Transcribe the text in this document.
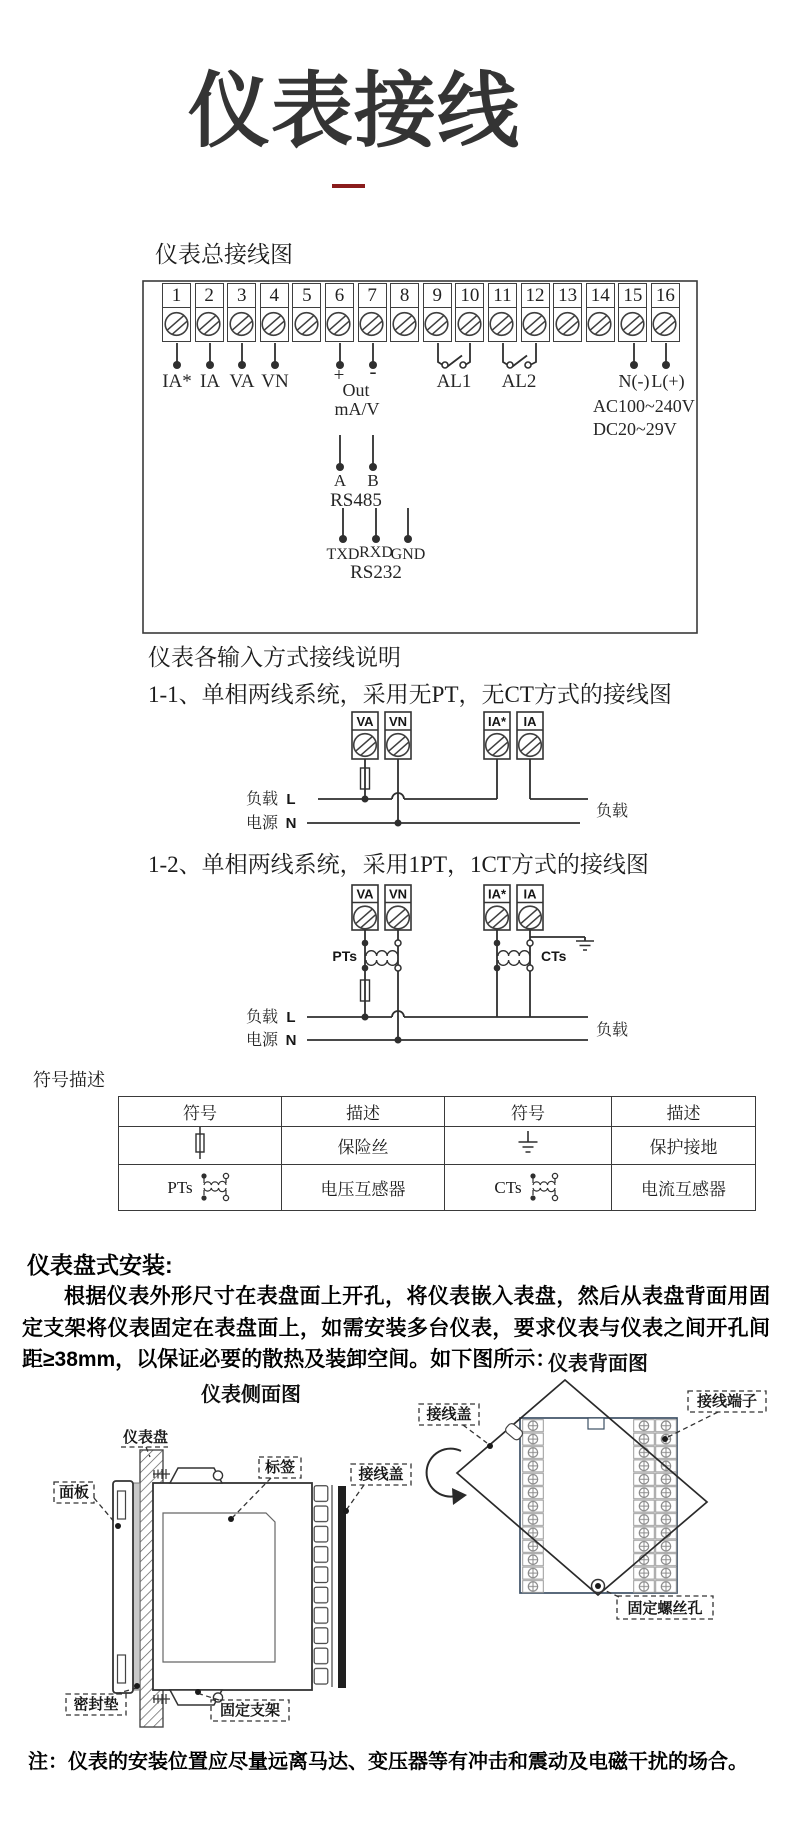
仪表接线
仪表总接线图
IA* IA VA VN + -
Out
mA/V
AL1 AL2	N(-) L(+)
AC100~240V
DC20~29V
A B
RS485
TXD RXD
GND
RS232
1	2	3	4	5	6	7	8	9 10 11 12 13 14 15 16
仪表各输入方式接线说明
1-1、单相两线系统，采用无PT，无CT方式的接线图
VA VN	IA* IA
负载 L
电源 N
负载
1-2、单相两线系统，采用1PT，1CT方式的接线图
VA VN	IA* IA
PTs	CTs
负载 L
电源 N
负载
符号描述
符号	描述	符号	描述
	保险丝		保护接地

PTs	电压互感器	CTs	电流互感器
仪表盘式安装:
根据仪表外形尺寸在表盘面上开孔，将仪表嵌入表盘，然后从表盘背面用固定支架将仪表固定在表盘面上，如需安装多台仪表，要求仪表与仪表之间开孔间距≥38mm，以保证必要的散热及装卸空间。如下图所示：
仪表侧面图
仪表盘
面板
标签	接线盖
密封垫	固定支架
仪表背面图
接线盖
接线端子
固定螺丝孔
注：仪表的安装位置应尽量远离马达、变压器等有冲击和震动及电磁干扰的场合。
